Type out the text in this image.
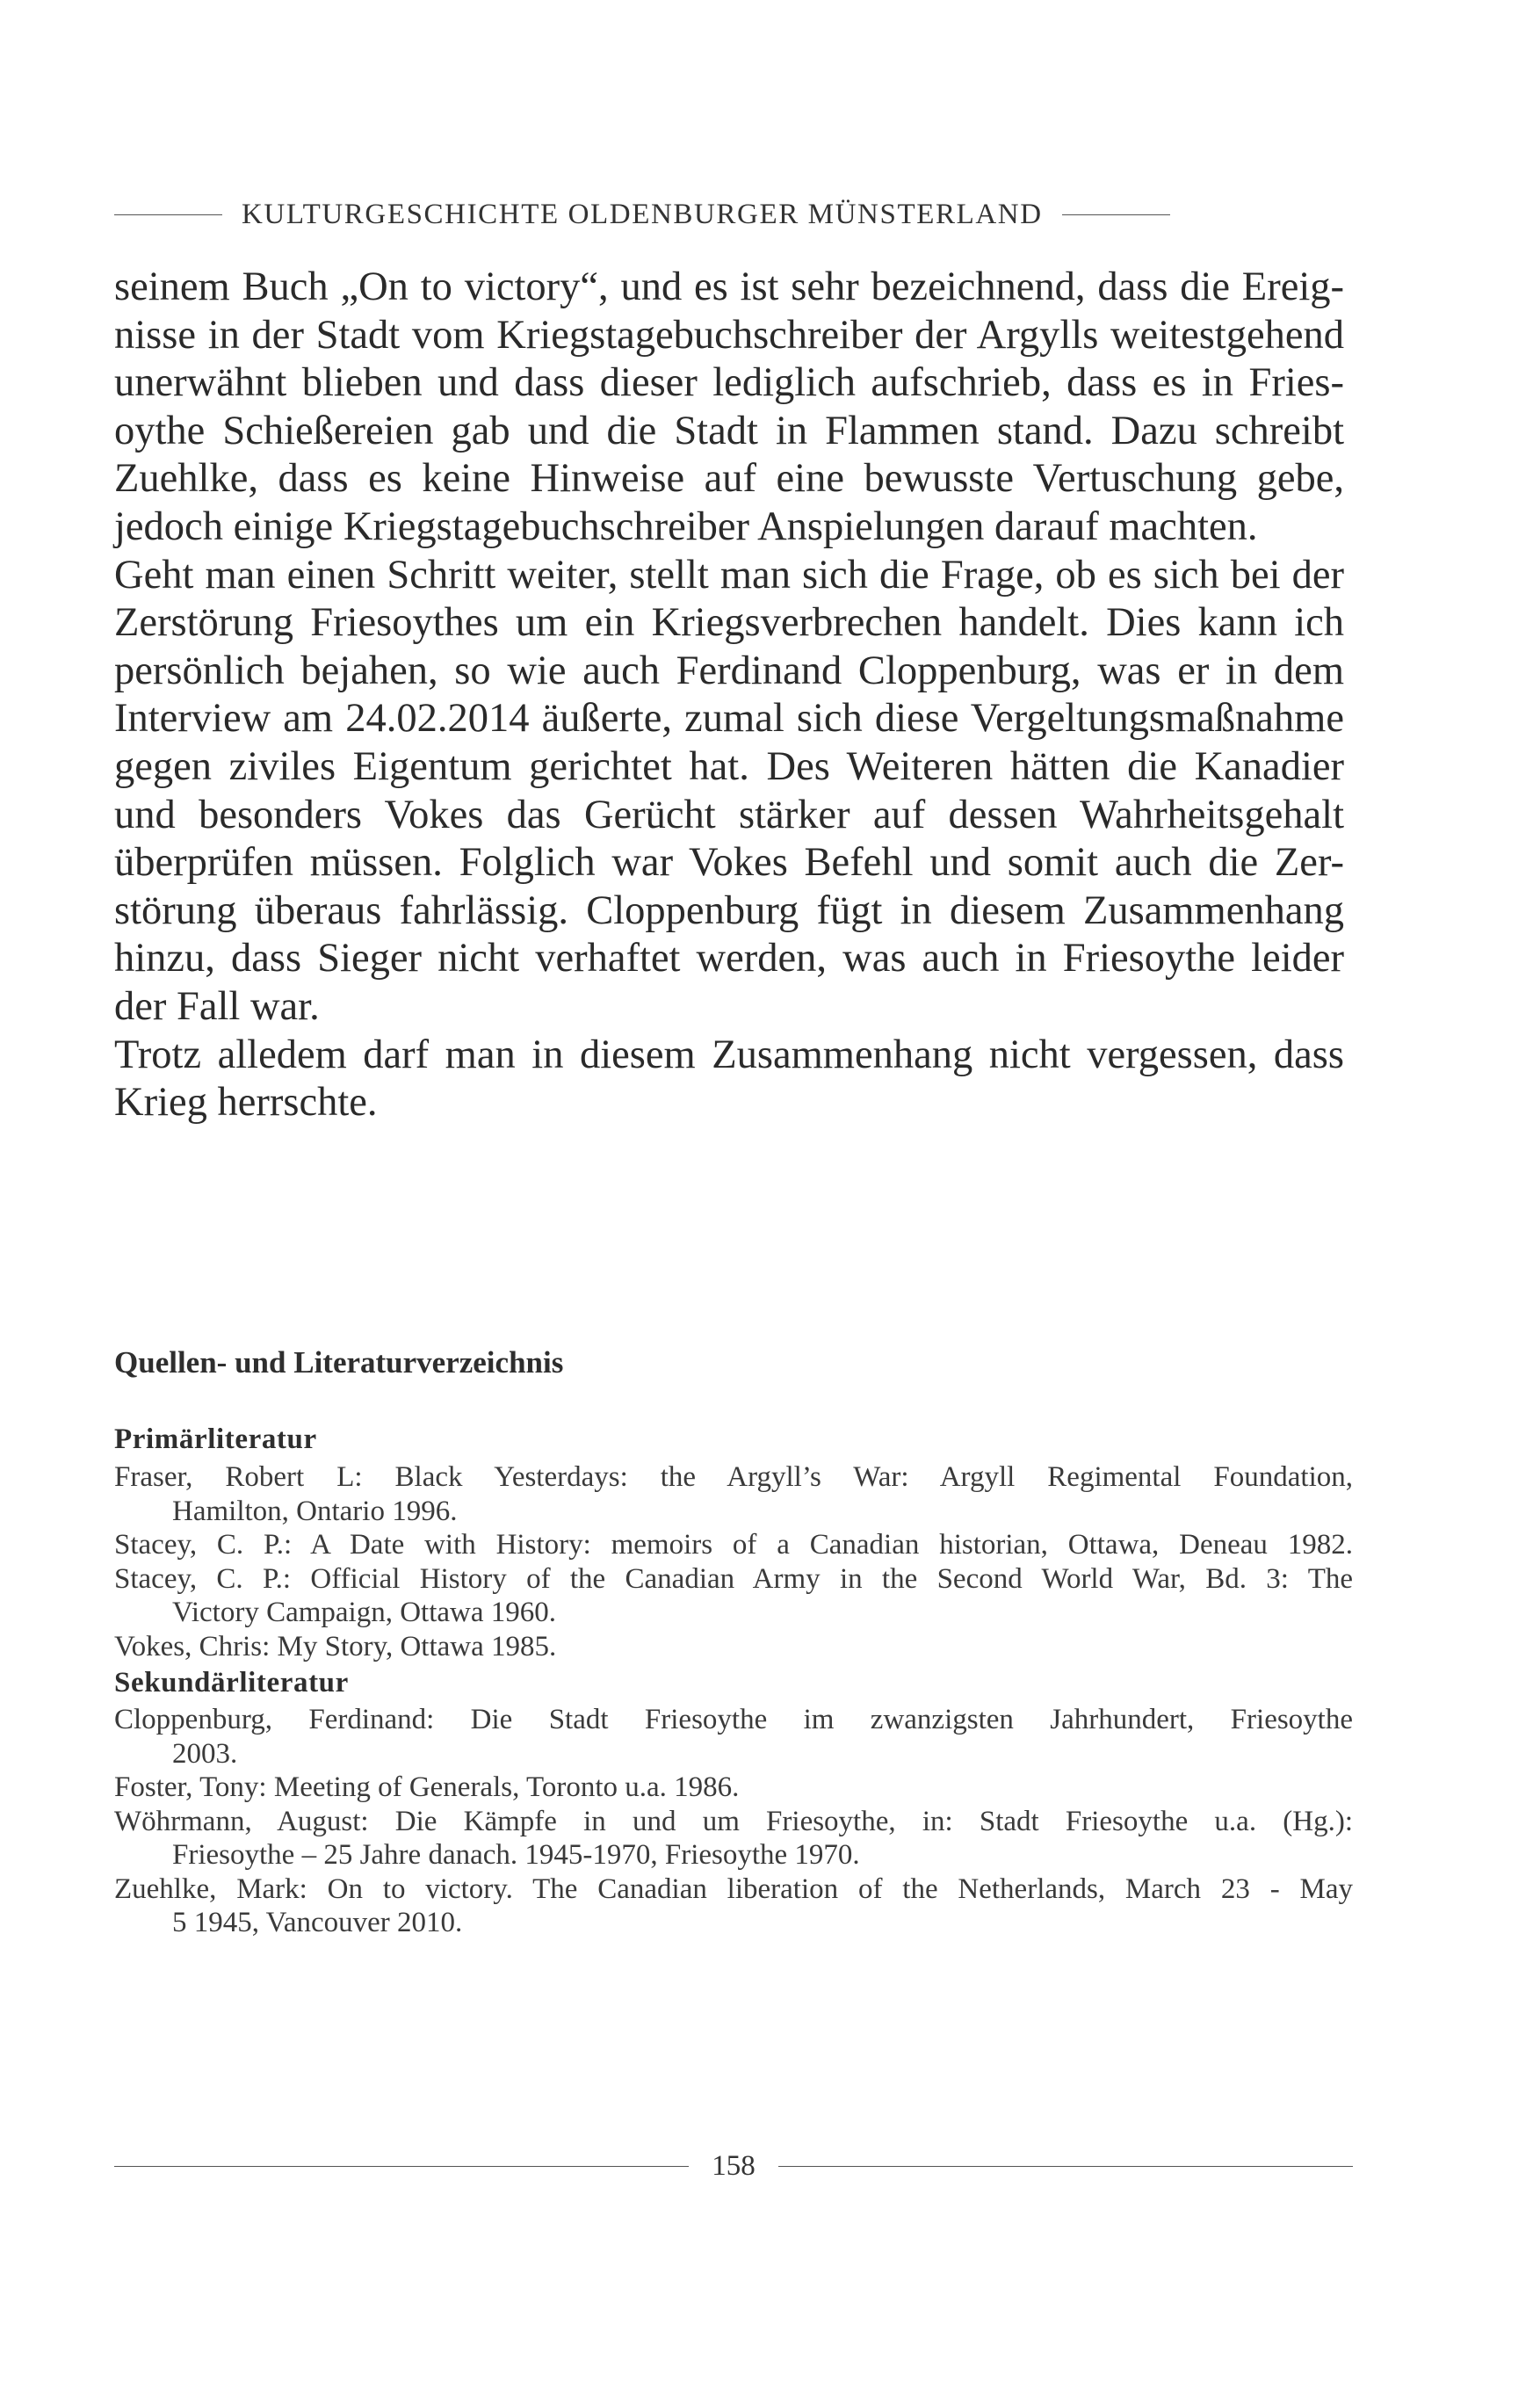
KULTURGESCHICHTE OLDENBURGER MÜNSTERLAND
seinem Buch „On to victory“, und es ist sehr bezeichnend, dass die Ereig-
nisse in der Stadt vom Kriegstagebuchschreiber der Argylls weitestgehend
unerwähnt blieben und dass dieser lediglich aufschrieb, dass es in Fries-
oythe Schießereien gab und die Stadt in Flammen stand. Dazu schreibt
Zuehlke, dass es keine Hinweise auf eine bewusste Vertuschung gebe,
jedoch einige Kriegstagebuchschreiber Anspielungen darauf machten.
Geht man einen Schritt weiter, stellt man sich die Frage, ob es sich bei der
Zerstörung Friesoythes um ein Kriegsverbrechen handelt. Dies kann ich
persönlich bejahen, so wie auch Ferdinand Cloppenburg, was er in dem
Interview am 24.02.2014 äußerte, zumal sich diese Vergeltungsmaßnahme
gegen ziviles Eigentum gerichtet hat. Des Weiteren hätten die Kanadier
und besonders Vokes das Gerücht stärker auf dessen Wahrheitsgehalt
überprüfen müssen. Folglich war Vokes Befehl und somit auch die Zer-
störung überaus fahrlässig. Cloppenburg fügt in diesem Zusammenhang
hinzu, dass Sieger nicht verhaftet werden, was auch in Friesoythe leider
der Fall war.
Trotz alledem darf man in diesem Zusammenhang nicht vergessen, dass
Krieg herrschte.
Quellen- und Literaturverzeichnis
Primärliteratur
Fraser, Robert L: Black Yesterdays: the Argyll’s War: Argyll Regimental Foundation,
Hamilton, Ontario 1996.
Stacey, C. P.: A Date with History: memoirs of a Canadian historian, Ottawa, Deneau 1982.
Stacey, C. P.: Official History of the Canadian Army in the Second World War, Bd. 3: The
Victory Campaign, Ottawa 1960.
Vokes, Chris: My Story, Ottawa 1985.
Sekundärliteratur
Cloppenburg, Ferdinand: Die Stadt Friesoythe im zwanzigsten Jahrhundert, Friesoythe
2003.
Foster, Tony: Meeting of Generals, Toronto u.a. 1986.
Wöhrmann, August: Die Kämpfe in und um Friesoythe, in: Stadt Friesoythe u.a. (Hg.):
Friesoythe – 25 Jahre danach. 1945-1970, Friesoythe 1970.
Zuehlke, Mark: On to victory. The Canadian liberation of the Netherlands, March 23 - May
5 1945, Vancouver 2010.
158
